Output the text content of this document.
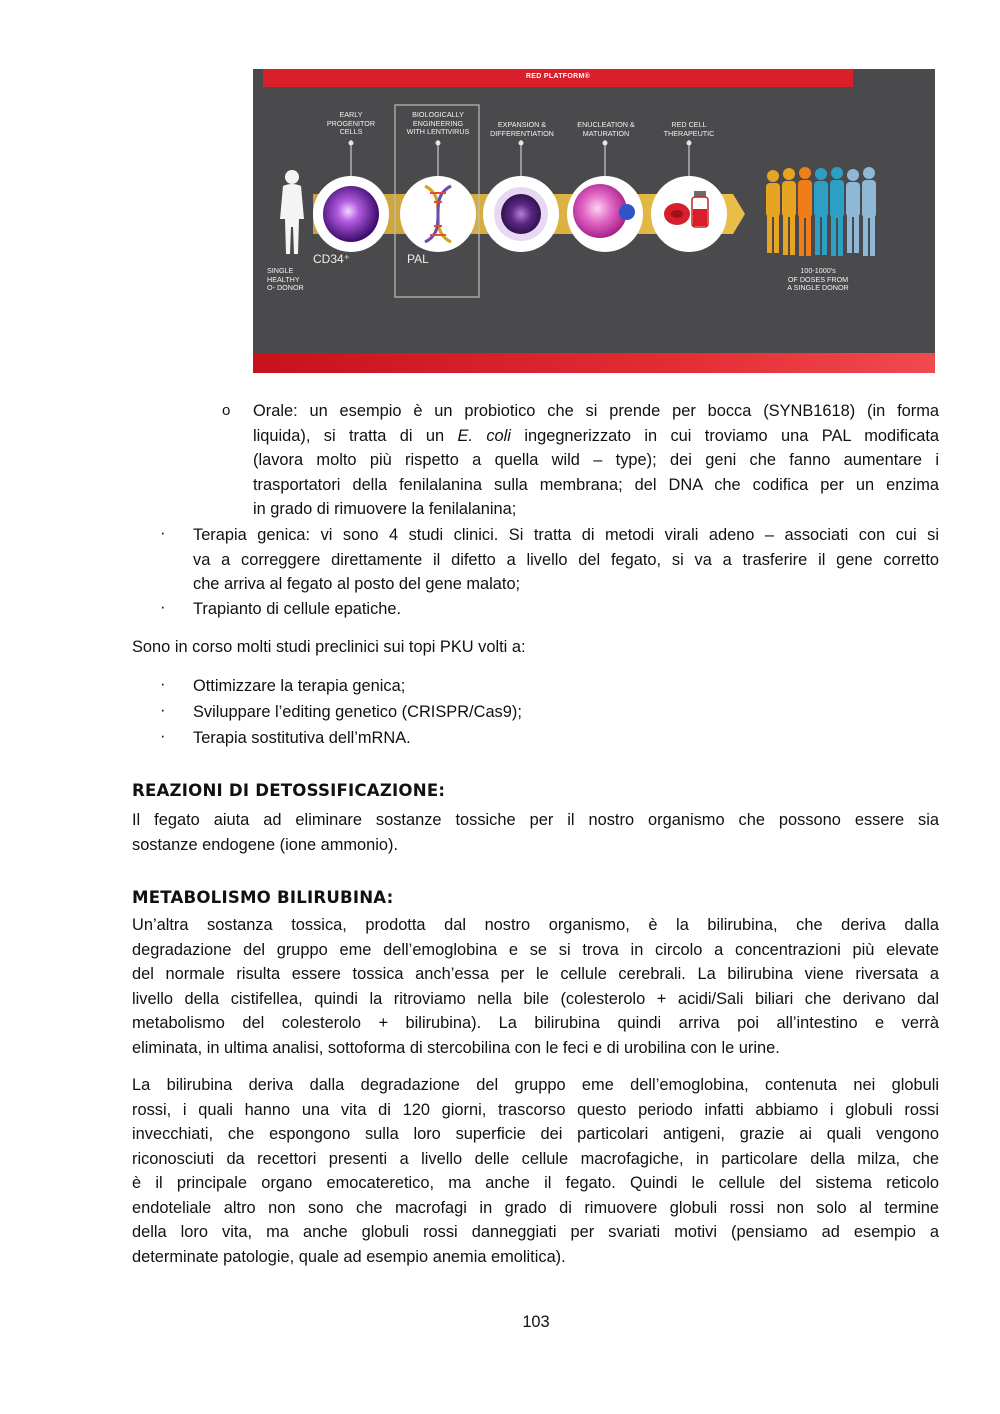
RED PLATFORM®
EARLY
PROGENITOR
CELLS
BIOLOGICALLY
ENGINEERING
WITH LENTIVIRUS
EXPANSION &
DIFFERENTIATION
ENUCLEATION &
MATURATION
RED CELL
THERAPEUTIC
SINGLE
HEALTHY
O- DONOR
CD34⁺	PAL
100-1000's
OF DOSES FROM
A SINGLE DONOR
o Orale: un esempio è un probiotico che si prende per bocca (SYNB1618) (in forma
liquida), si tratta di un E. coli ingegnerizzato in cui troviamo una PAL modificata
(lavora molto più rispetto a quella wild – type); dei geni che fanno aumentare i
trasportatori della fenilalanina sulla membrana; del DNA che codifica per un enzima
in grado di rimuovere la fenilalanina;
· Terapia genica: vi sono 4 studi clinici. Si tratta di metodi virali adeno – associati con cui si
va a correggere direttamente il difetto a livello del fegato, si va a trasferire il gene corretto
che arriva al fegato al posto del gene malato;
· Trapianto di cellule epatiche.
Sono in corso molti studi preclinici sui topi PKU volti a:
· Ottimizzare la terapia genica;
· Sviluppare l’editing genetico (CRISPR/Cas9);
· Terapia sostitutiva dell’mRNA.
REAZIONI DI DETOSSIFICAZIONE:
Il fegato aiuta ad eliminare sostanze tossiche per il nostro organismo che possono essere sia
sostanze endogene (ione ammonio).
METABOLISMO BILIRUBINA:
Un’altra sostanza tossica, prodotta dal nostro organismo, è la bilirubina, che deriva dalla
degradazione del gruppo eme dell’emoglobina e se si trova in circolo a concentrazioni più elevate
del normale risulta essere tossica anch’essa per le cellule cerebrali. La bilirubina viene riversata a
livello della cistifellea, quindi la ritroviamo nella bile (colesterolo + acidi/Sali biliari che derivano dal
metabolismo del colesterolo + bilirubina). La bilirubina quindi arriva poi all’intestino e verrà
eliminata, in ultima analisi, sottoforma di stercobilina con le feci e di urobilina con le urine.
La bilirubina deriva dalla degradazione del gruppo eme dell’emoglobina, contenuta nei globuli
rossi, i quali hanno una vita di 120 giorni, trascorso questo periodo infatti abbiamo i globuli rossi
invecchiati, che espongono sulla loro superficie dei particolari antigeni, grazie ai quali vengono
riconosciuti da recettori presenti a livello delle cellule macrofagiche, in particolare della milza, che
è il principale organo emocateretico, ma anche il fegato. Quindi le cellule del sistema reticolo
endoteliale altro non sono che macrofagi in grado di rimuovere globuli rossi non solo al termine
della loro vita, ma anche globuli rossi danneggiati per svariati motivi (pensiamo ad esempio a
determinate patologie, quale ad esempio anemia emolitica).
103
